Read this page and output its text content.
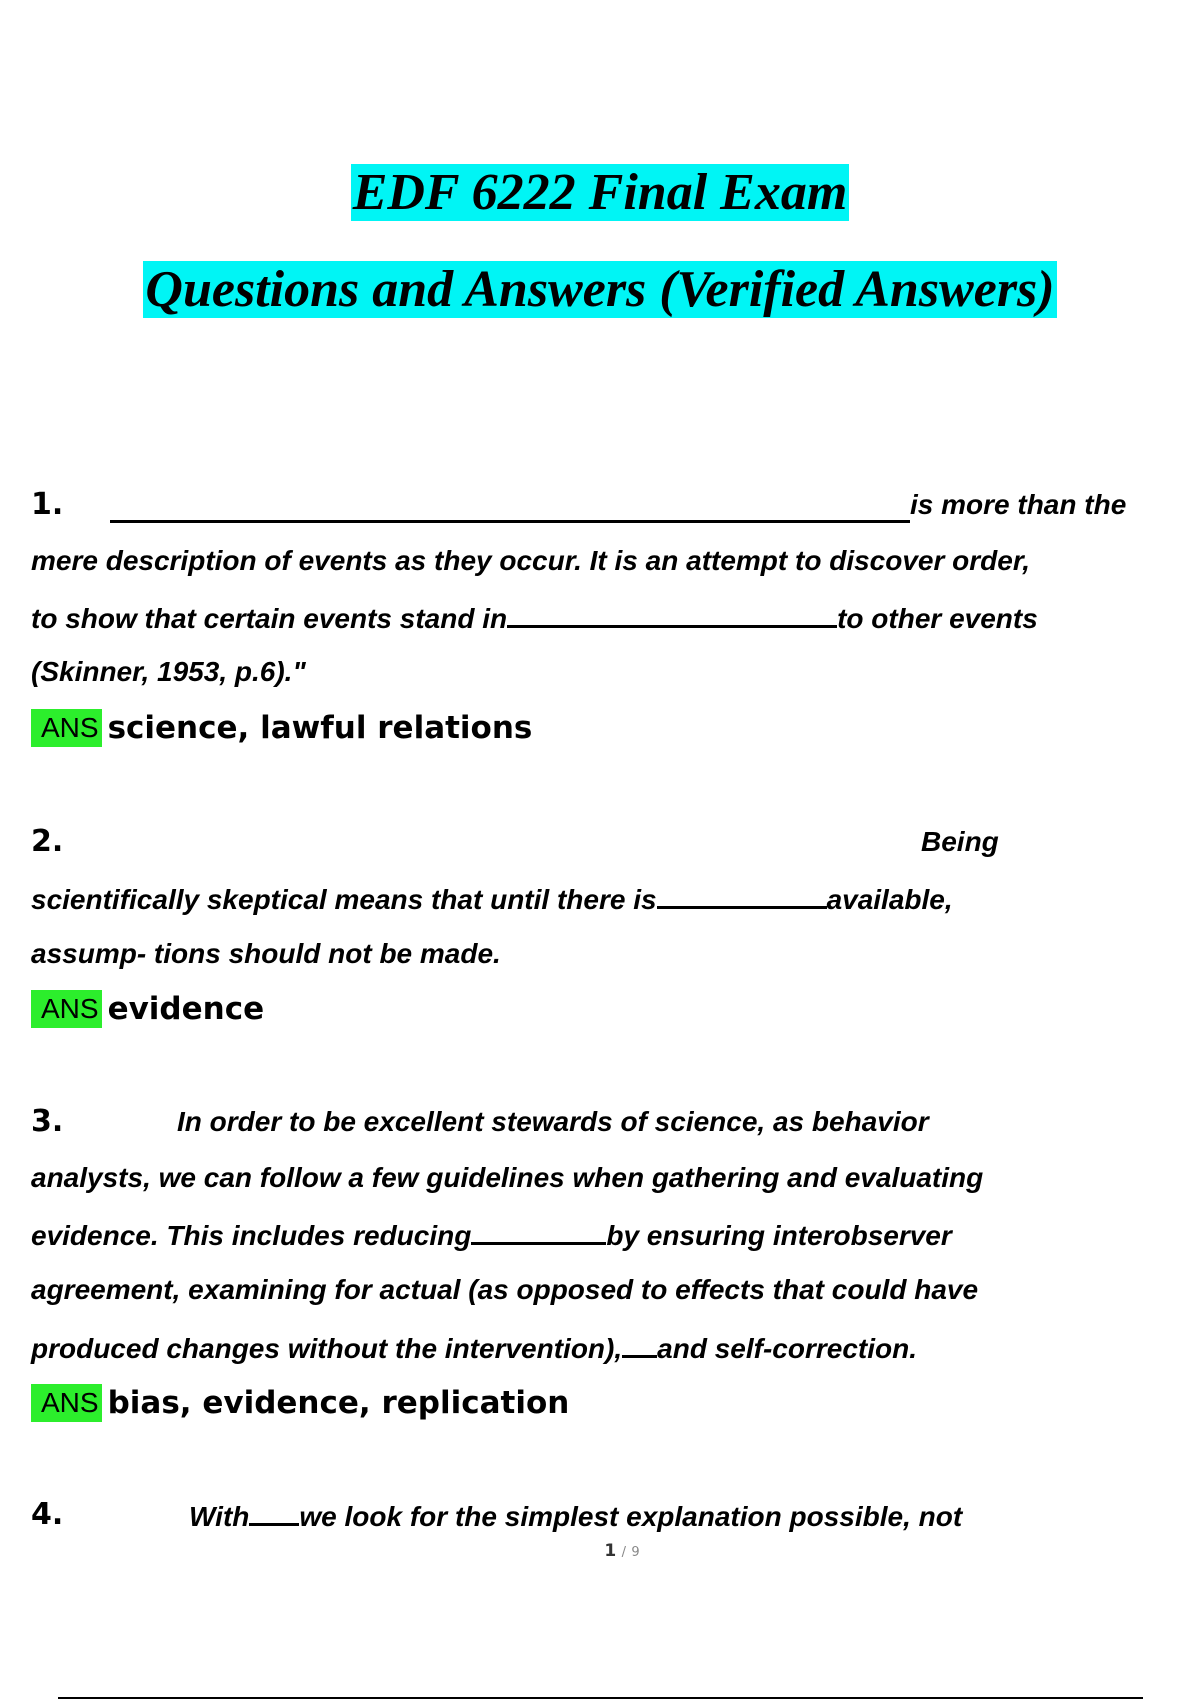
EDF 6222 Final Exam
Questions and Answers (Verified Answers)
1.	is more than the
mere description of events as they occur. It is an attempt to discover order,
to show that certain events stand in	to other events
(Skinner, 1953, p.6)."
ANS science, lawful relations
2.	Being
scientifically skeptical means that until there is	available,
assump- tions should not be made.
ANS evidence
3.	In order to be excellent stewards of science, as behavior
analysts, we can follow a few guidelines when gathering and evaluating
evidence. This includes reducing	by ensuring interobserver
agreement, examining for actual (as opposed to effects that could have
produced changes without the intervention), and self-correction.
ANS bias, evidence, replication
4.	With we look for the simplest explanation possible, not
1 / 9
